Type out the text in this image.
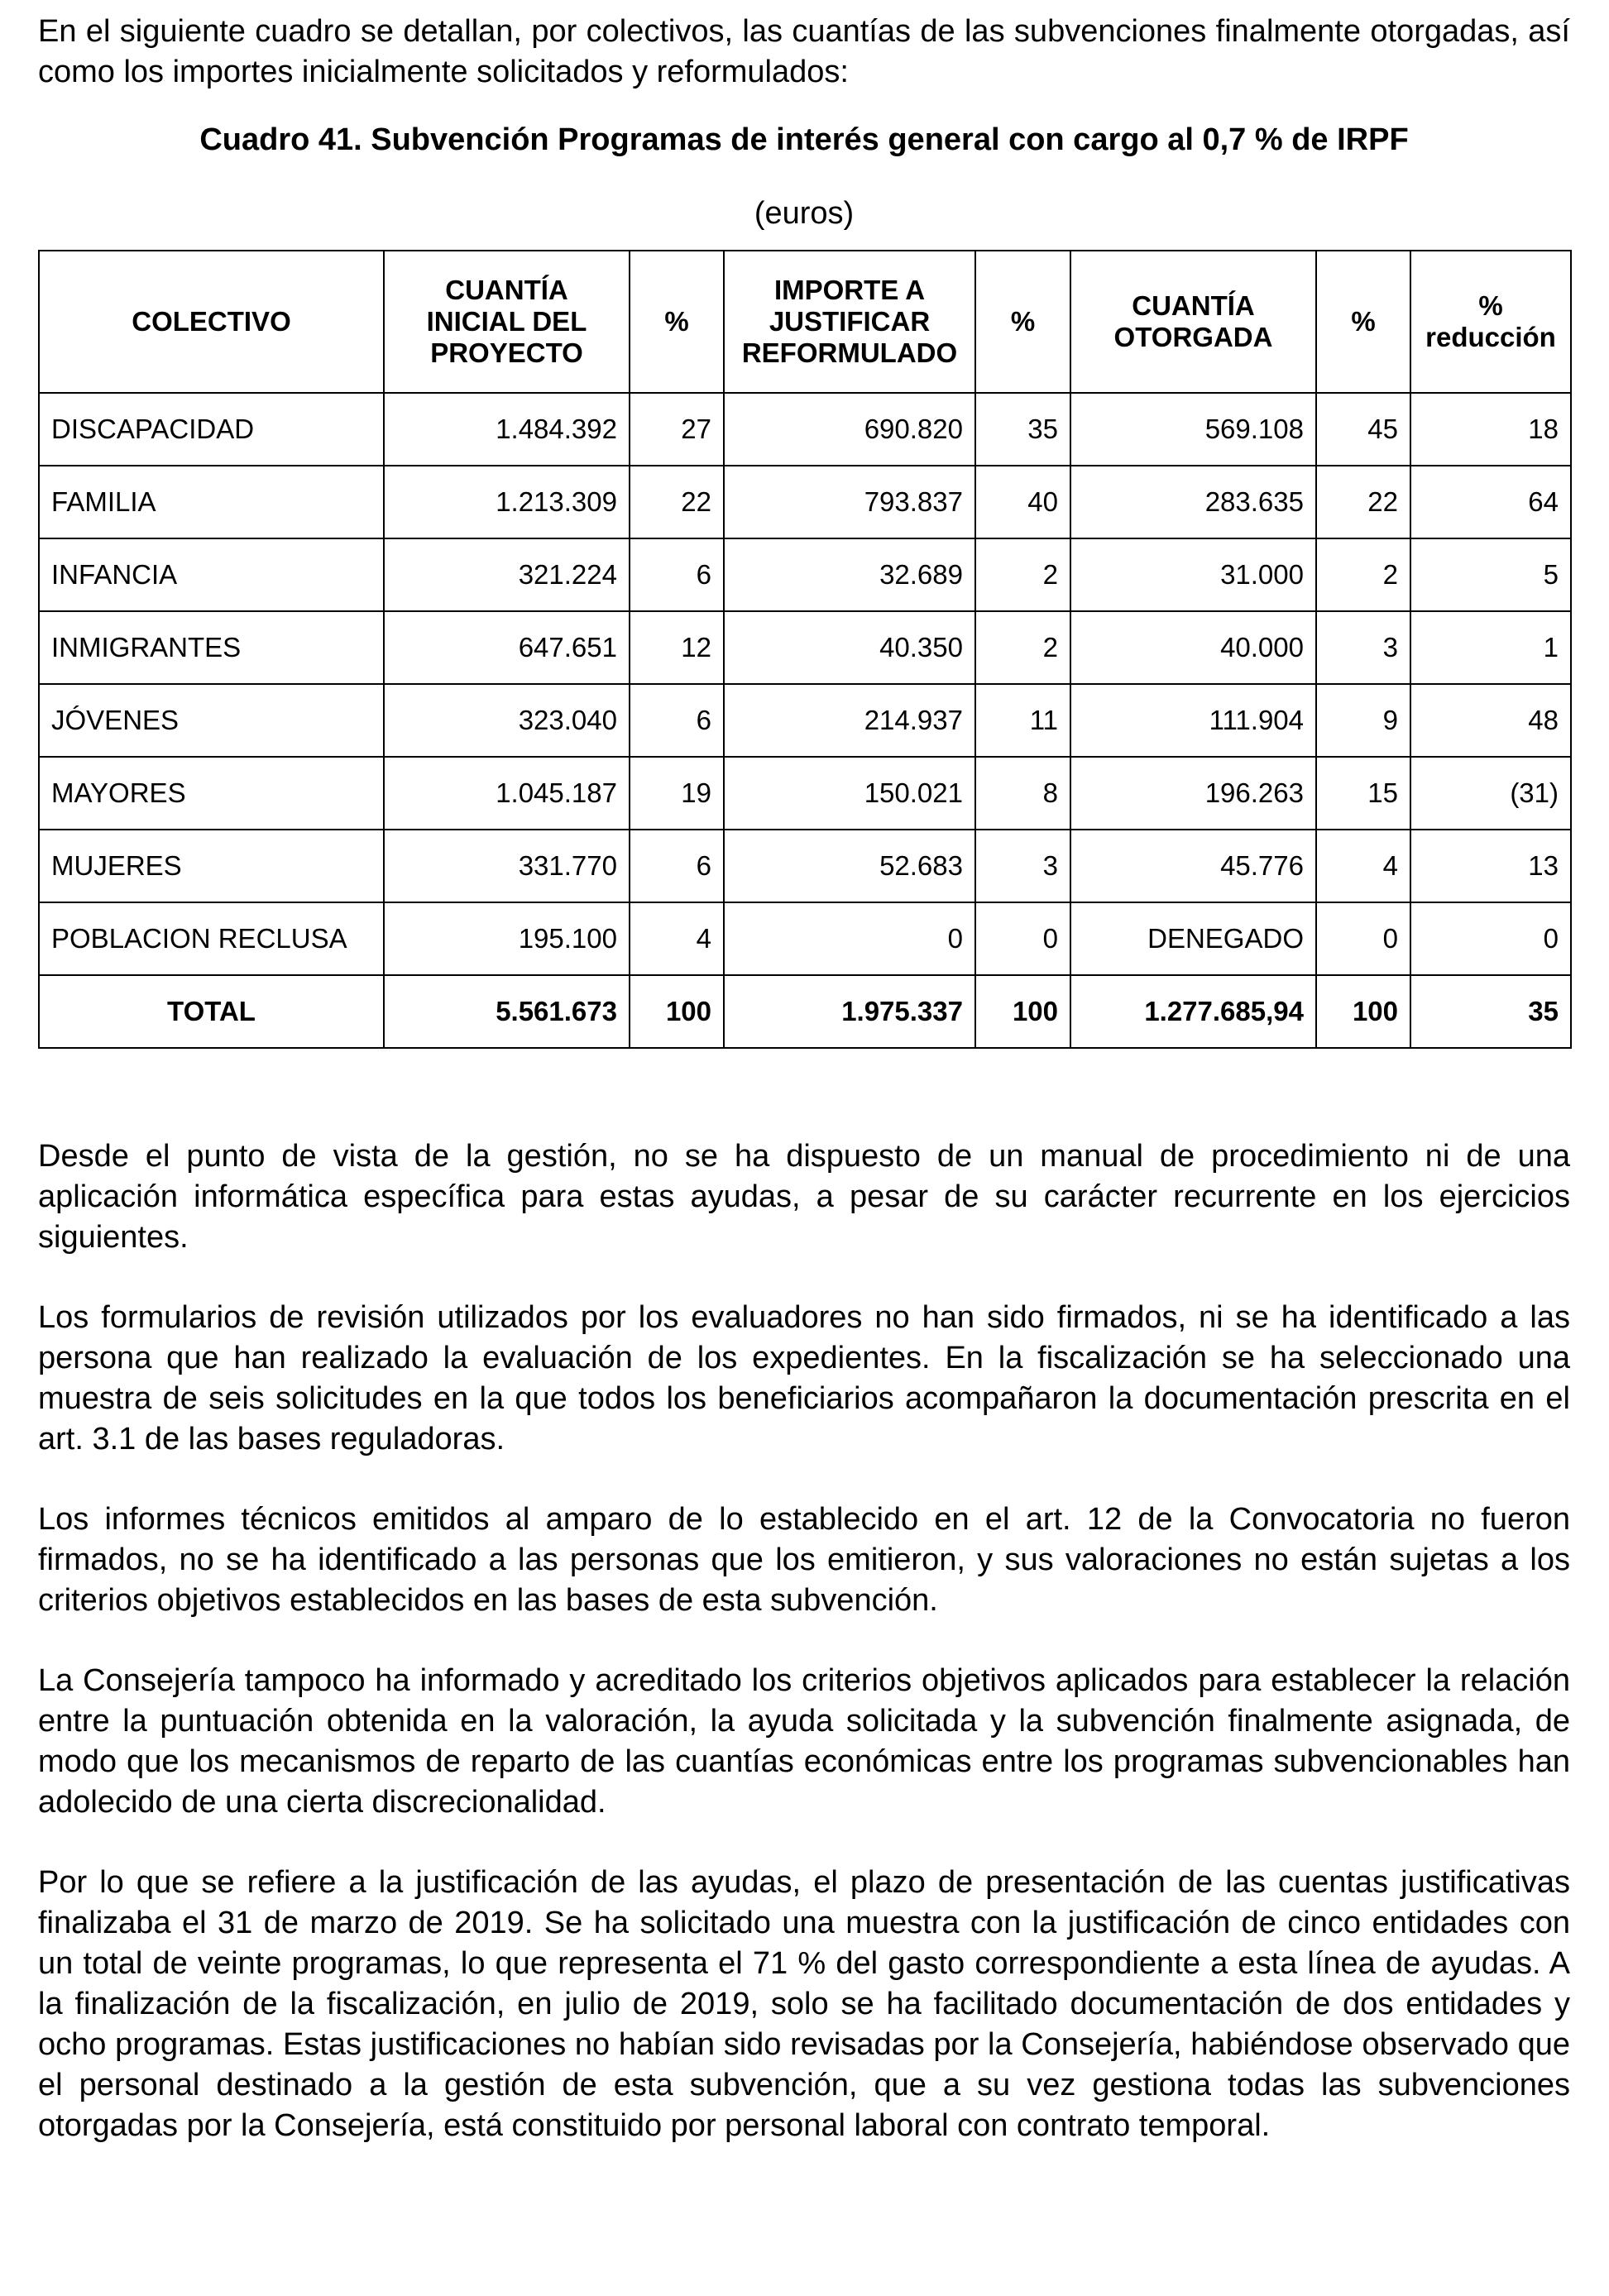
En el siguiente cuadro se detallan, por colectivos, las cuantías de las subvenciones finalmente otorgadas, así como los importes inicialmente solicitados y reformulados:

Cuadro 41. Subvención Programas de interés general con cargo al 0,7 % de IRPF
(euros)
COLECTIVO	CUANTÍA INICIAL DEL PROYECTO	%	IMPORTE A JUSTIFICAR REFORMULADO	%	CUANTÍA OTORGADA	%	% reducción
DISCAPACIDAD	1.484.392	27	690.820	35	569.108	45	18
FAMILIA	1.213.309	22	793.837	40	283.635	22	64
INFANCIA	321.224	6	32.689	2	31.000	2	5
INMIGRANTES	647.651	12	40.350	2	40.000	3	1
JÓVENES	323.040	6	214.937	11	111.904	9	48
MAYORES	1.045.187	19	150.021	8	196.263	15	(31)
MUJERES	331.770	6	52.683	3	45.776	4	13
POBLACION RECLUSA	195.100	4	0	0	DENEGADO	0	0
TOTAL	5.561.673	100	1.975.337	100	1.277.685,94	100	35

Desde el punto de vista de la gestión, no se ha dispuesto de un manual de procedimiento ni de una aplicación informática específica para estas ayudas, a pesar de su carácter recurrente en los ejercicios siguientes.

Los formularios de revisión utilizados por los evaluadores no han sido firmados, ni se ha identificado a las persona que han realizado la evaluación de los expedientes. En la fiscalización se ha seleccionado una muestra de seis solicitudes en la que todos los beneficiarios acompañaron la documentación prescrita en el art. 3.1 de las bases reguladoras.

Los informes técnicos emitidos al amparo de lo establecido en el art. 12 de la Convocatoria no fueron firmados, no se ha identificado a las personas que los emitieron, y sus valoraciones no están sujetas a los criterios objetivos establecidos en las bases de esta subvención.

La Consejería tampoco ha informado y acreditado los criterios objetivos aplicados para establecer la relación entre la puntuación obtenida en la valoración, la ayuda solicitada y la subvención finalmente asignada, de modo que los mecanismos de reparto de las cuantías económicas entre los programas subvencionables han adolecido de una cierta discrecionalidad.

Por lo que se refiere a la justificación de las ayudas, el plazo de presentación de las cuentas justificativas finalizaba el 31 de marzo de 2019. Se ha solicitado una muestra con la justificación de cinco entidades con un total de veinte programas, lo que representa el 71 % del gasto correspondiente a esta línea de ayudas. A la finalización de la fiscalización, en julio de 2019, solo se ha facilitado documentación de dos entidades y ocho programas. Estas justificaciones no habían sido revisadas por la Consejería, habiéndose observado que el personal destinado a la gestión de esta subvención, que a su vez gestiona todas las subvenciones otorgadas por la Consejería, está constituido por personal laboral con contrato temporal.
